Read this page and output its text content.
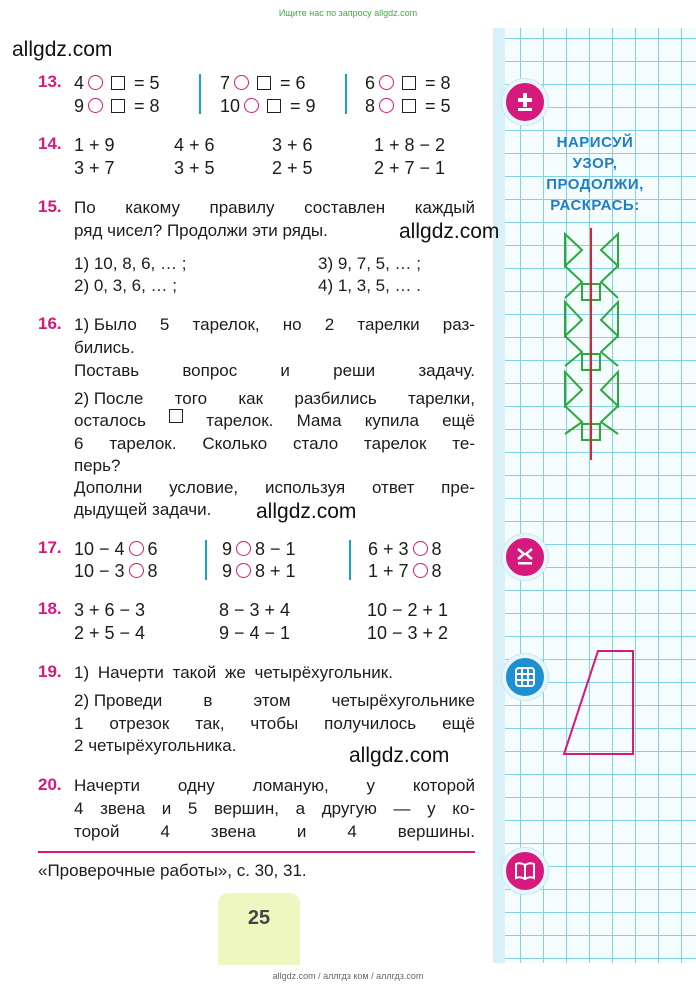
Ищите нас по запросу allgdz.com
allgdz.com
allgdz.com
allgdz.com
allgdz.com
13. 4	= 5	7	= 6	6	= 8
9	= 8	10	= 9	8	= 5
14. 1 + 9	4 + 6	3 + 6	1 + 8 − 2
3 + 7	3 + 5	2 + 5	2 + 7 − 1
15. По какому правилу составлен каждый
ряд чисел? Продолжи эти ряды.
1) 10, 8, 6, … ;	3) 9, 7, 5, … ;
2) 0, 3, 6, … ;	4) 1, 3, 5, … .
16. 1) Было 5 тарелок, но 2 тарелки раз-
бились.
Поставь	вопрос	и	реши	задачу.
2) После того как разбились тарелки,
осталось	тарелок. Мама купила ещё
6 тарелок. Сколько стало тарелок те-
перь?
Дополни условие, используя ответ пре-
дыдущей задачи.
17. 10 − 4 6	9 8 − 1	6 + 3 8
10 − 3 8	9 8 + 1	1 + 7 8
18. 3 + 6 − 3	8 − 3 + 4	10 − 2 + 1
2 + 5 − 4	9 − 4 − 1	10 − 3 + 2
19. 1) Начерти такой же четырёхугольник.
2) Проведи в этом четырёхугольнике
1 отрезок так, чтобы получилось ещё
2 четырёхугольника.
20. Начерти одну ломаную, у которой
4 звена и 5 вершин, а другую — у ко-
торой 4 звена и 4 вершины.
«Проверочные работы», с. 30, 31.
25
НАРИСУЙ
УЗОР,
ПРОДОЛЖИ,
РАСКРАСЬ:
allgdz.com / аллгдз ком / аллгдз.com
